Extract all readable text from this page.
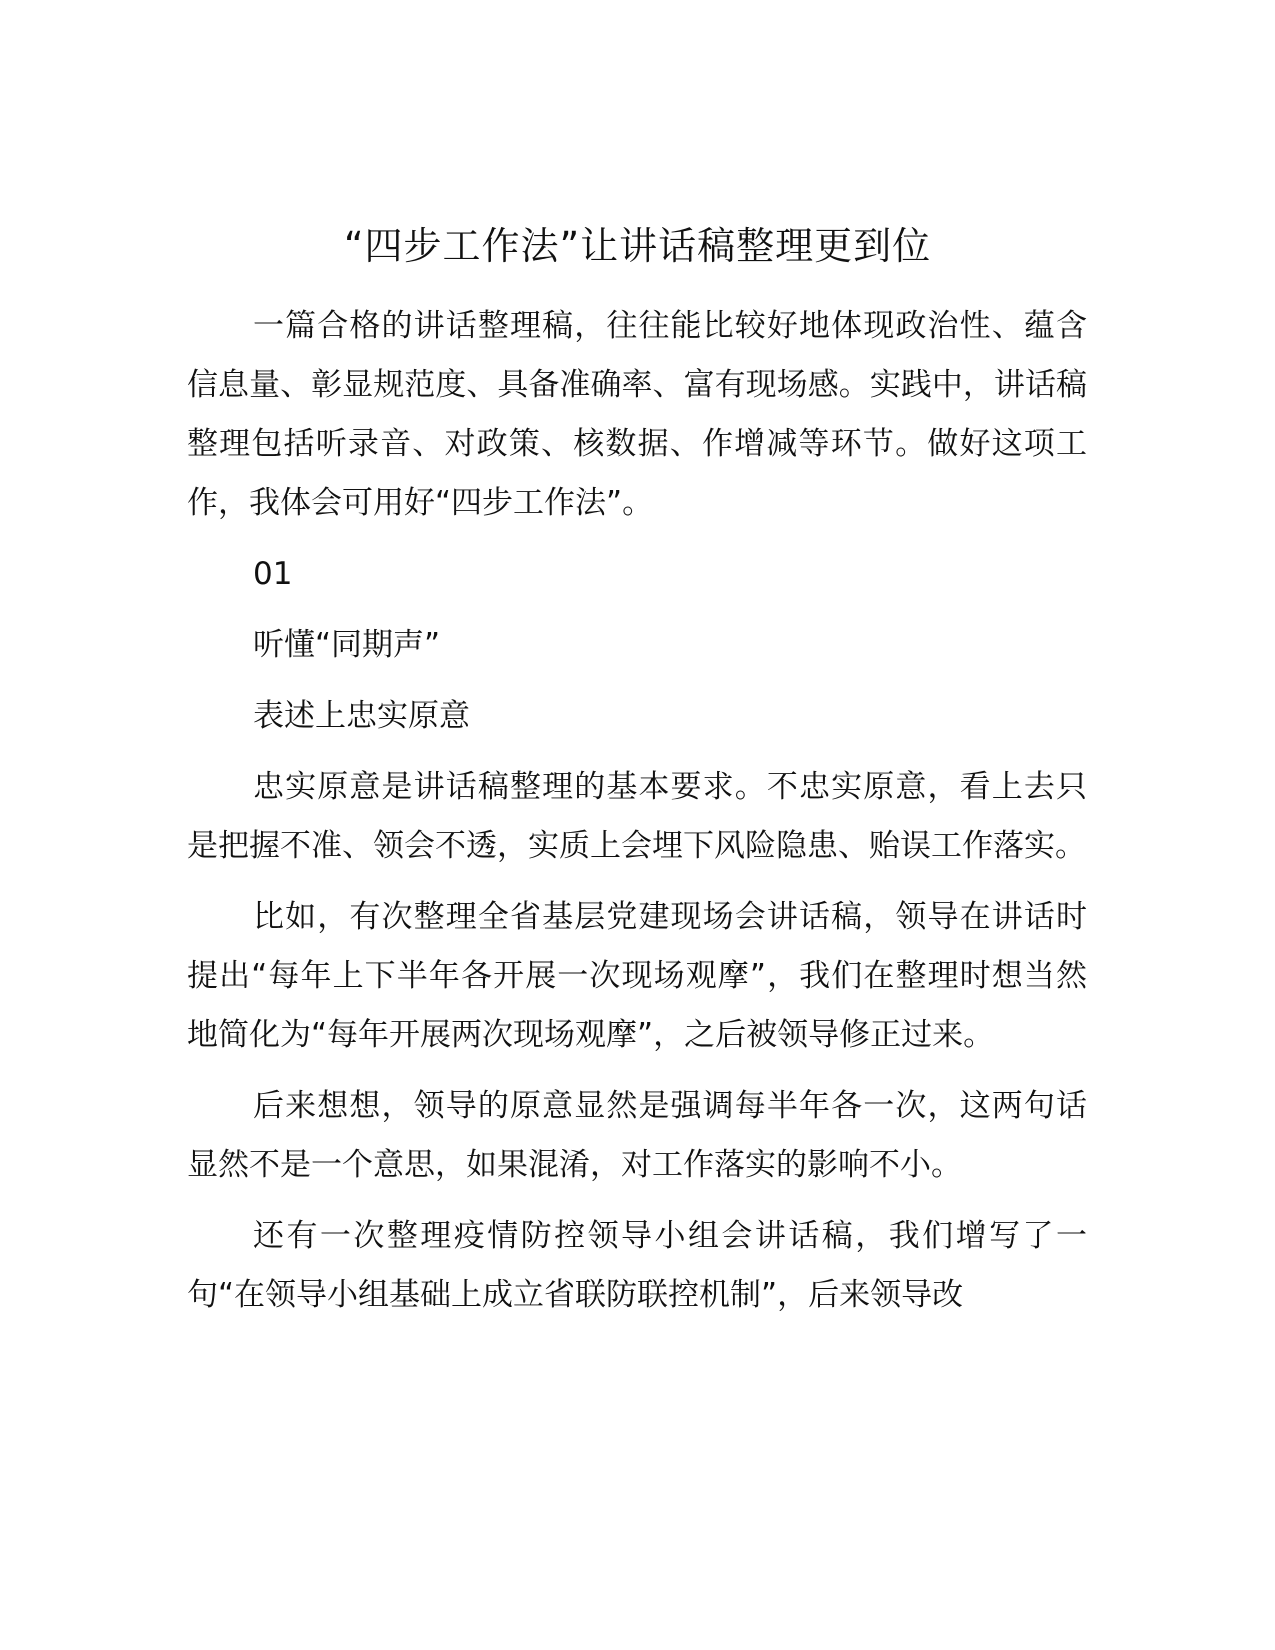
“四步工作法”让讲话稿整理更到位

一篇合格的讲话整理稿，往往能比较好地体现政治性、蕴含信息量、彰显规范度、具备准确率、富有现场感。实践中，讲话稿整理包括听录音、对政策、核数据、作增减等环节。做好这项工作，我体会可用好“四步工作法”。

01

听懂“同期声”

表述上忠实原意

忠实原意是讲话稿整理的基本要求。不忠实原意，看上去只是把握不准、领会不透，实质上会埋下风险隐患、贻误工作落实。

比如，有次整理全省基层党建现场会讲话稿，领导在讲话时提出“每年上下半年各开展一次现场观摩”，我们在整理时想当然地简化为“每年开展两次现场观摩”，之后被领导修正过来。

后来想想，领导的原意显然是强调每半年各一次，这两句话显然不是一个意思，如果混淆，对工作落实的影响不小。

还有一次整理疫情防控领导小组会讲话稿，我们增写了一句“在领导小组基础上成立省联防联控机制”，后来领导改
